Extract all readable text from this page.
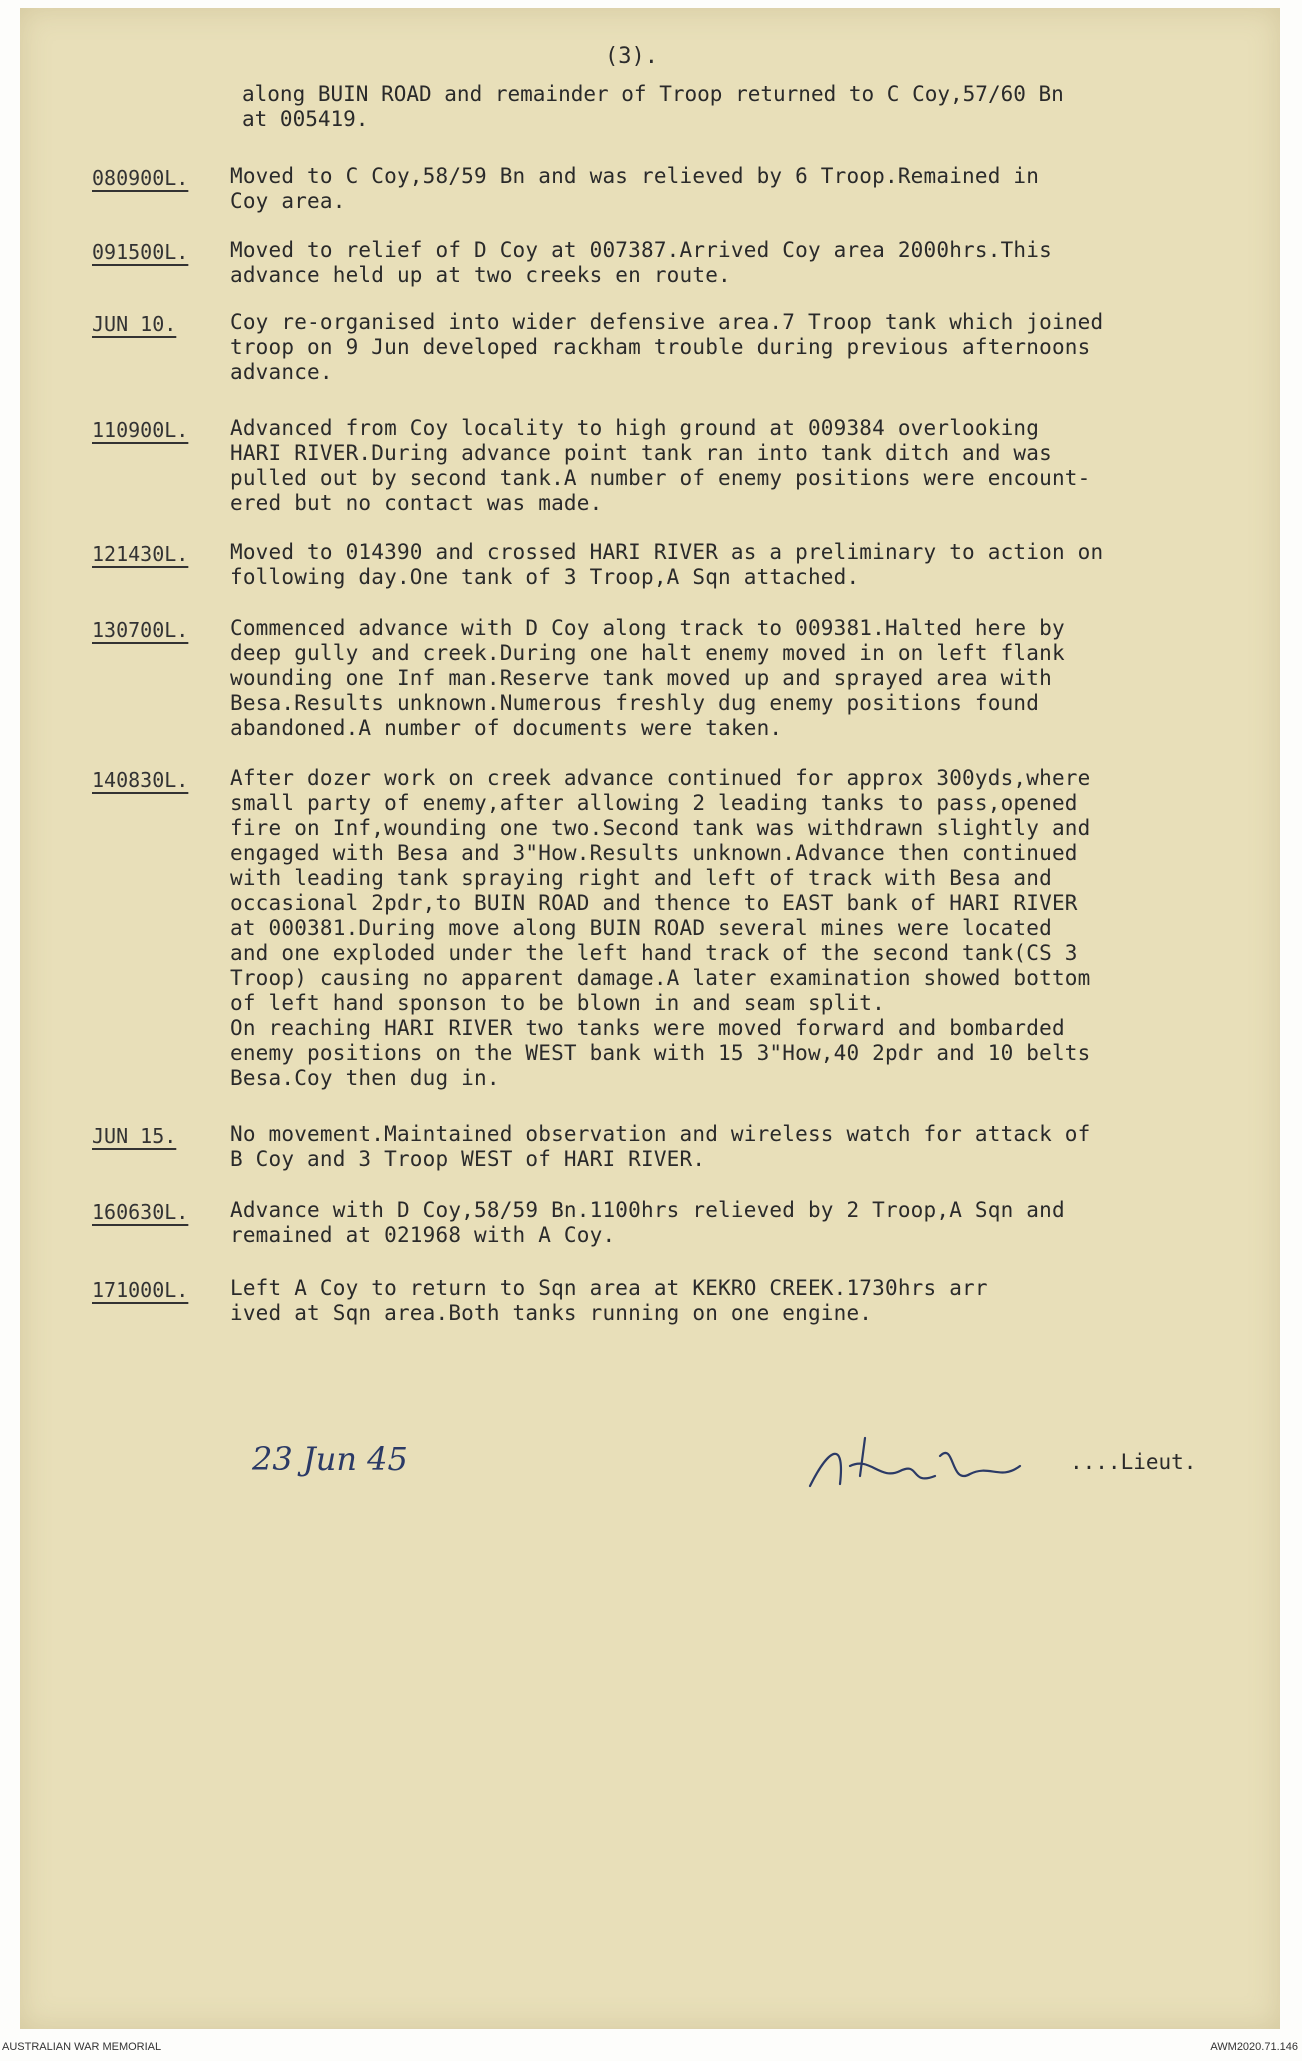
(3).
along BUIN ROAD and remainder of Troop returned to C Coy,57/60 Bn
at 005419.
080900L.	Moved to C Coy,58/59 Bn and was relieved by 6 Troop.Remained in
Coy area.
091500L.	Moved to relief of D Coy at 007387.Arrived Coy area 2000hrs.This
advance held up at two creeks en route.
JUN 10.	Coy re-organised into wider defensive area.7 Troop tank which joined
troop on 9 Jun developed rackham trouble during previous afternoons
advance.
110900L.	Advanced from Coy locality to high ground at 009384 overlooking
HARI RIVER.During advance point tank ran into tank ditch and was
pulled out by second tank.A number of enemy positions were encount-
ered but no contact was made.
121430L.	Moved to 014390 and crossed HARI RIVER as a preliminary to action on
following day.One tank of 3 Troop,A Sqn attached.
130700L.	Commenced advance with D Coy along track to 009381.Halted here by
deep gully and creek.During one halt enemy moved in on left flank
wounding one Inf man.Reserve tank moved up and sprayed area with
Besa.Results unknown.Numerous freshly dug enemy positions found
abandoned.A number of documents were taken.
140830L.	After dozer work on creek advance continued for approx 300yds,where
small party of enemy,after allowing 2 leading tanks to pass,opened
fire on Inf,wounding one two.Second tank was withdrawn slightly and
engaged with Besa and 3"How.Results unknown.Advance then continued
with leading tank spraying right and left of track with Besa and
occasional 2pdr,to BUIN ROAD and thence to EAST bank of HARI RIVER
at 000381.During move along BUIN ROAD several mines were located
and one exploded under the left hand track of the second tank(CS 3
Troop) causing no apparent damage.A later examination showed bottom
of left hand sponson to be blown in and seam split.
On reaching HARI RIVER two tanks were moved forward and bombarded
enemy positions on the WEST bank with 15 3"How,40 2pdr and 10 belts
Besa.Coy then dug in.
JUN 15.	No movement.Maintained observation and wireless watch for attack of
B Coy and 3 Troop WEST of HARI RIVER.
160630L.	Advance with D Coy,58/59 Bn.1100hrs relieved by 2 Troop,A Sqn and
remained at 021968 with A Coy.
171000L.	Left A Coy to return to Sqn area at KEKRO CREEK.1730hrs arr
ived at Sqn area.Both tanks running on one engine.
23 Jun 45	....Lieut.
AUSTRALIAN WAR MEMORIAL	AWM2020.71.146
